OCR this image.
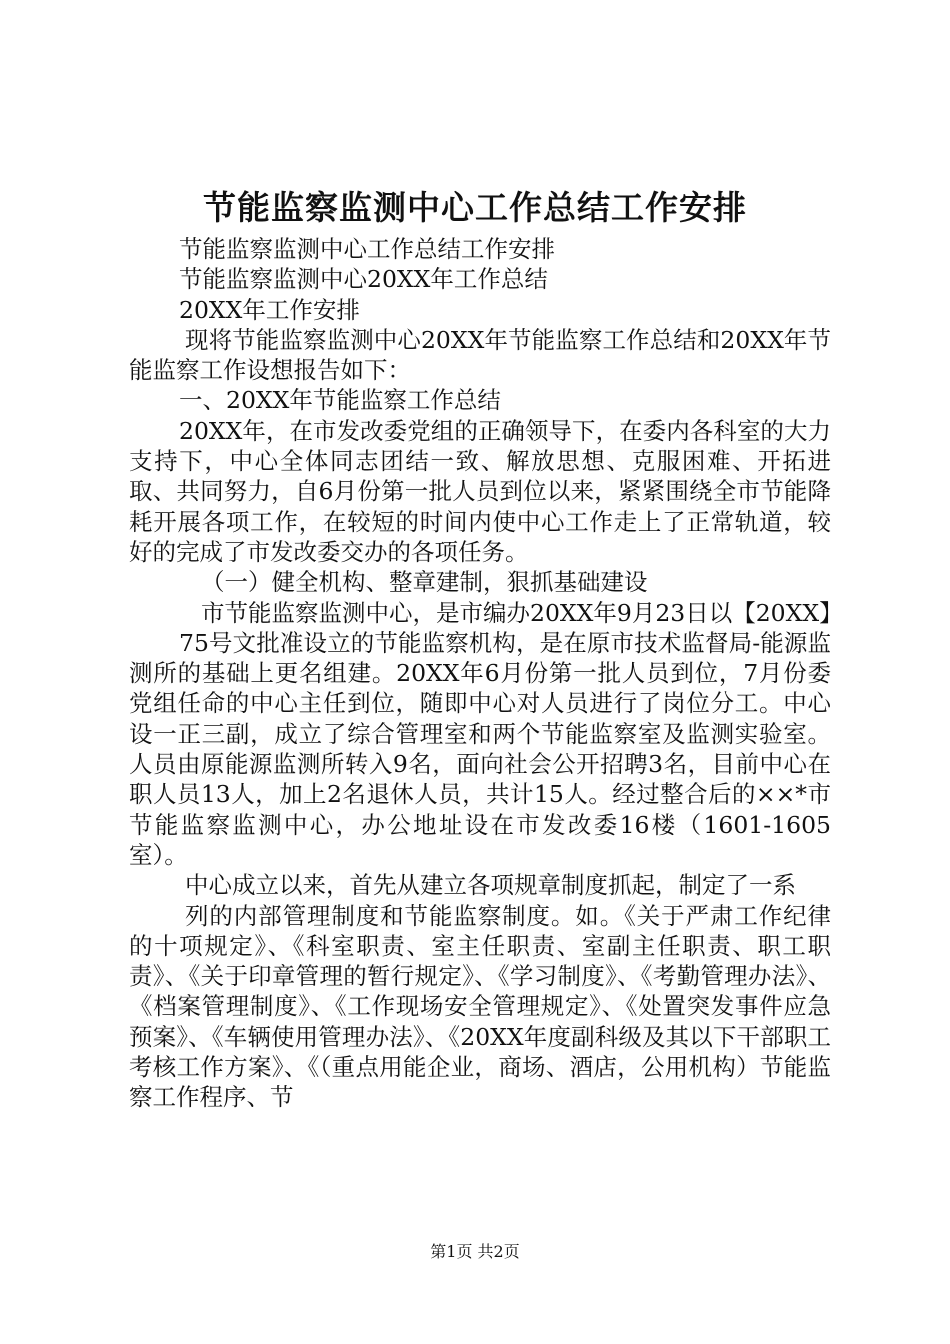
节能监察监测中心工作总结工作安排

节能监察监测中心工作总结工作安排

节能监察监测中心20XX年工作总结

20XX年工作安排

现将节能监察监测中心20XX年节能监察工作总结和20XX年节能监察工作设想报告如下：

一、20XX年节能监察工作总结

20XX年，在市发改委党组的正确领导下，在委内各科室的大力支持下，中心全体同志团结一致、解放思想、克服困难、开拓进取、共同努力，自6月份第一批人员到位以来，紧紧围绕全市节能降耗开展各项工作，在较短的时间内使中心工作走上了正常轨道，较好的完成了市发改委交办的各项任务。

（一）健全机构、整章建制，狠抓基础建设

市节能监察监测中心，是市编办20XX年9月23日以【20XX】

75号文批准设立的节能监察机构，是在原市技术监督局-能源监测所的基础上更名组建。20XX年6月份第一批人员到位，7月份委党组任命的中心主任到位，随即中心对人员进行了岗位分工。中心设一正三副，成立了综合管理室和两个节能监察室及监测实验室。人员由原能源监测所转入9名，面向社会公开招聘3名，目前中心在职人员13人，加上2名退休人员，共计15人。经过整合后的××*市节能监察监测中心，办公地址设在市发改委16楼（1601-1605室）。

中心成立以来，首先从建立各项规章制度抓起，制定了一系

列的内部管理制度和节能监察制度。如。《关于严肃工作纪律的十项规定》、《科室职责、室主任职责、室副主任职责、职工职责》、《关于印章管理的暂行规定》、《学习制度》、《考勤管理办法》、《档案管理制度》、《工作现场安全管理规定》、《处置突发事件应急预案》、《车辆使用管理办法》、《20XX年度副科级及其以下干部职工考核工作方案》、《（重点用能企业，商场、酒店，公用机构）节能监察工作程序、节

第1页 共2页
